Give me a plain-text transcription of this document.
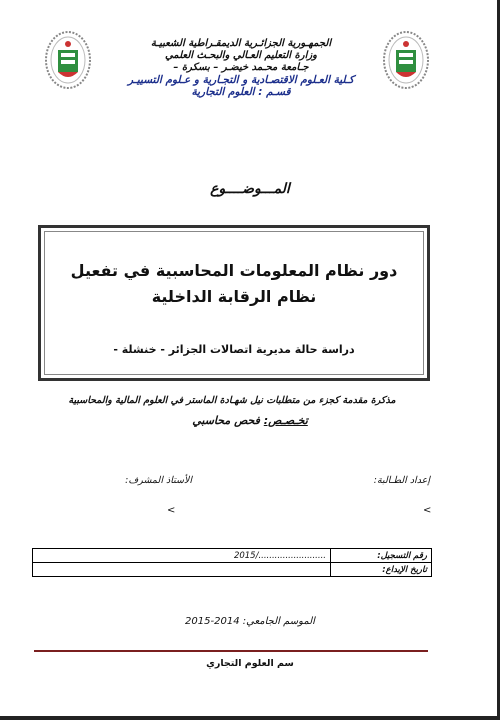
الجمهـورية الجزائـرية الديمقـراطية الشعبيـة
وزارة التعليم العـالي والبحـث العلمي
جـامعة محـمد خيضـر – بسكرة –
كـلية العـلوم الاقتصـادية و التجـارية و عـلوم التسييـر
قسـم : العلوم التجارية
المـــوضــــوع
دور نظام المعلومات المحاسبية في تفعيل نظام الرقابة الداخلية
دراسة حالة مديرية اتصالات الجزائر - خنشلة -
مذكرة مقدمة كجزء من متطلبات نيل شهـادة الماستر في العلوم المالية والمحاسبية
تخـصـص: فحص محاسبي
إعداد الطـالبة:
الأستاذ المشرف:
<
<
رقم التسجيل:	........................./2015
تاريخ الإيداع:	
الموسم الجامعي: 2014-2015
سم العلوم التجاري
